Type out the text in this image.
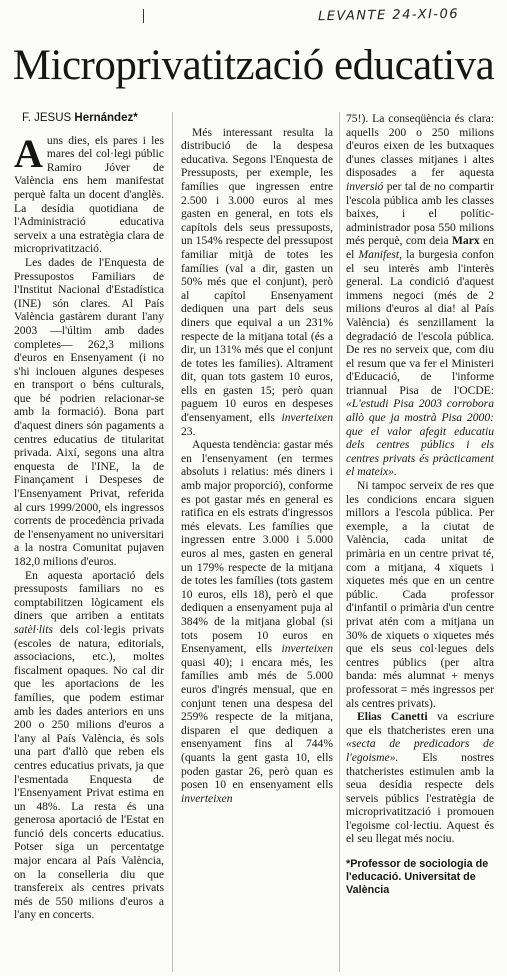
LEVANTE 24-XI-06
Microprivatització educativa
F. JESÚS Hernández*

Auns dies, els pares i les mares del col·legi públic Ramiro Jóver de València ens hem manifestat perquè falta un docent d'anglès. La desídia quotidiana de l'Administració educativa serveix a una estratègia clara de microprivatització.

Les dades de l'Enquesta de Pressupostos Familiars de l'Institut Nacional d'Estadística (INE) són clares. Al País València gastàrem durant l'any 2003 —l'últim amb dades completes— 262,3 milions d'euros en Ensenyament (i no s'hi inclouen algunes despeses en transport o béns culturals, que bé podrien relacionar-se amb la formació). Bona part d'aquest diners són pagaments a centres educatius de titularitat privada. Així, segons una altra enquesta de l'INE, la de Finançament i Despeses de l'Ensenyament Privat, referida al curs 1999/2000, els ingressos corrents de procedència privada de l'ensenyament no universitari a la nostra Comunitat pujaven 182,0 milions d'euros.

En aquesta aportació dels pressuposts familiars no es comptabilitzen lògicament els diners que arriben a entitats satèl·lits dels col·legis privats (escoles de natura, editorials, associacions, etc.), moltes fiscalment opaques. No cal dir que les aportacions de les famílies, que podem estimar amb les dades anteriors en uns 200 o 250 milions d'euros a l'any al País València, és sols una part d'allò que reben els centres educatius privats, ja que l'esmentada Enquesta de l'Ensenyament Privat estima en un 48%. La resta és una generosa aportació de l'Estat en funció dels concerts educatius. Potser siga un percentatge major encara al País València, on la conselleria diu que transfereix als centres privats més de 550 milions d'euros a l'any en concerts.

75!). La conseqüència és clara: aquells 200 o 250 milions d'euros eixen de les butxaques d'unes classes mitjanes i altes disposades a fer aquesta inversió per tal de no compartir l'escola pública amb les classes baixes, i el polític-administrador posa 550 milions més perquè, com deia Marx en el Manifest, la burgesia confon el seu interès amb l'interès general. La condició d'aquest immens negoci (més de 2 milions d'euros al dia! al País València) és senzillament la degradació de l'escola pública. De res no serveix que, com diu el resum que va fer el Ministeri d'Educació, de l'informe triannual Pisa de l'OCDE: «L'estudi Pisa 2003 corrobora allò que ja mostrà Pisa 2000: que el valor afegit educatiu dels centres públics i els centres privats és pràcticament el mateix».

Ni tampoc serveix de res que les condicions encara siguen millors a l'escola pública. Per exemple, a la ciutat de València, cada unitat de primària en un centre privat té, com a mitjana, 4 xiquets i xiquetes més que en un centre públic. Cada professor d'infantil o primària d'un centre privat atén com a mitjana un 30% de xiquets o xiquetes més que els seus col·legues dels centres públics (per altra banda: més alumnat + menys professorat = més ingressos per als centres privats).

Elias Canetti va escriure que els thatcheristes eren una «secta de predicadors de l'egoisme». Els nostres thatcheristes estimulen amb la seua desídia respecte dels serveis públics l'estratègia de microprivatització i promouen l'egoisme col·lectiu. Aquest és el seu llegat més nociu.

*Professor de sociologia de l'educació. Universitat de València

Més interessant resulta la distribució de la despesa educativa. Segons l'Enquesta de Pressuposts, per exemple, les famílies que ingressen entre 2.500 i 3.000 euros al mes gasten en general, en tots els capítols dels seus pressuposts, un 154% respecte del pressupost familiar mitjà de totes les famílies (val a dir, gasten un 50% més que el conjunt), però al capítol Ensenyament dediquen una part dels seus diners que equival a un 231% respecte de la mitjana total (és a dir, un 131% més que el conjunt de totes les famílies). Altrament dit, quan tots gastem 10 euros, ells en gasten 15; però quan paguem 10 euros en despeses d'ensenyament, ells inverteixen 23.

Aquesta tendència: gastar més en l'ensenyament (en termes absoluts i relatius: més diners i amb major proporció), conforme es pot gastar més en general es ratifica en els estrats d'ingressos més elevats. Les famílies que ingressen entre 3.000 i 5.000 euros al mes, gasten en general un 179% respecte de la mitjana de totes les famílies (tots gastem 10 euros, ells 18), però el que dediquen a ensenyament puja al 384% de la mitjana global (si tots posem 10 euros en Ensenyament, ells inverteixen quasi 40); i encara més, les famílies amb més de 5.000 euros d'ingrés mensual, que en conjunt tenen una despesa del 259% respecte de la mitjana, disparen el que dediquen a ensenyament fins al 744% (quants la gent gasta 10, ells poden gastar 26, però quan es posen 10 en ensenyament ells inverteixen
